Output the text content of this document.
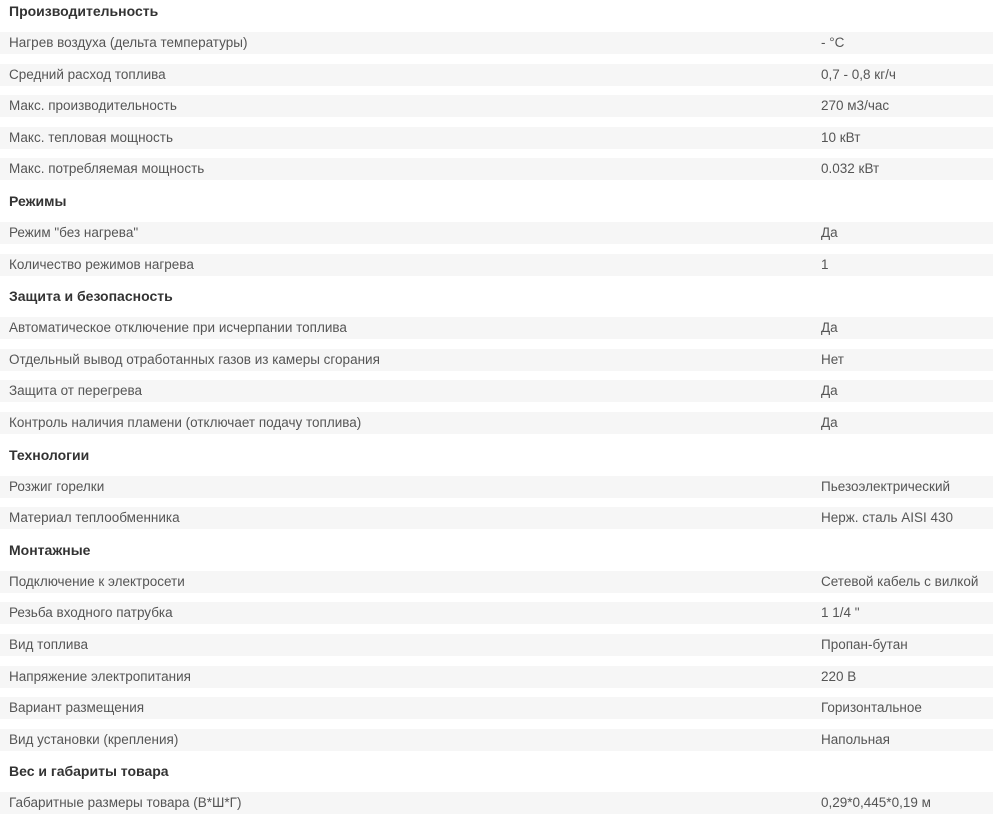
Производительность
Нагрев воздуха (дельта температуры)	- °C
Средний расход топлива	0,7 - 0,8 кг/ч
Макс. производительность	270 м3/час
Макс. тепловая мощность	10 кВт
Макс. потребляемая мощность	0.032 кВт
Режимы
Режим "без нагрева"	Да
Количество режимов нагрева	1
Защита и безопасность
Автоматическое отключение при исчерпании топлива	Да
Отдельный вывод отработанных газов из камеры сгорания	Нет
Защита от перегрева	Да
Контроль наличия пламени (отключает подачу топлива)	Да
Технологии
Розжиг горелки	Пьезоэлектрический
Материал теплообменника	Нерж. сталь AISI 430
Монтажные
Подключение к электросети	Сетевой кабель с вилкой
Резьба входного патрубка	1 1/4 "
Вид топлива	Пропан-бутан
Напряжение электропитания	220 В
Вариант размещения	Горизонтальное
Вид установки (крепления)	Напольная
Вес и габариты товара
Габаритные размеры товара (В*Ш*Г)	0,29*0,445*0,19 м
